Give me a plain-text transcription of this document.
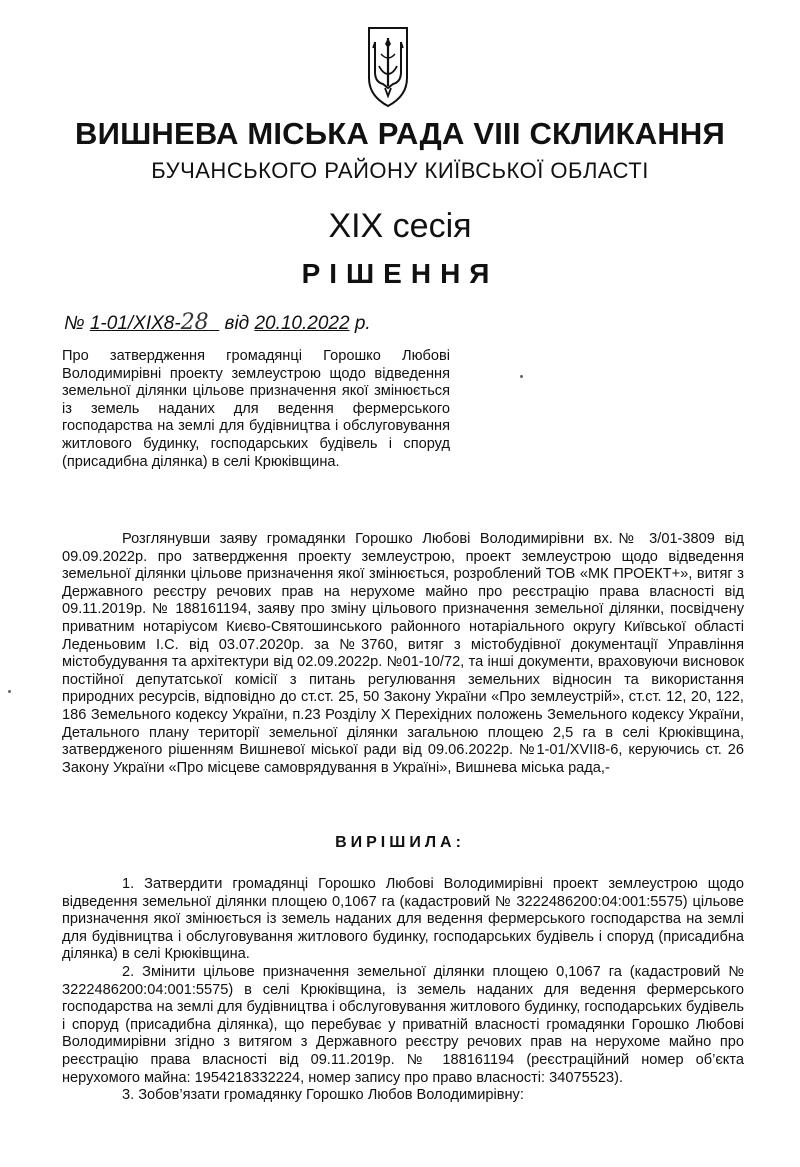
ВИШНЕВА МІСЬКА РАДА VIII СКЛИКАННЯ
БУЧАНСЬКОГО РАЙОНУ КИЇВСЬКОЇ ОБЛАСТІ
XIX сесія
РІШЕННЯ
№ 1-01/XIX8-28 від 20.10.2022 р.
Про затвердження громадянці Горошко Любові Володимирівні проекту землеустрою щодо відведення земельної ділянки цільове призначення якої змінюється із земель наданих для ведення фермерського господарства на землі для будівництва і обслуговування житлового будинку, господарських будівель і споруд (присадибна ділянка) в селі Крюківщина.

Розглянувши заяву громадянки Горошко Любові Володимирівни вх.№ 3/01-3809 від 09.09.2022р. про затвердження проекту землеустрою, проект землеустрою щодо відведення земельної ділянки цільове призначення якої змінюється, розроблений ТОВ «МК ПРОЕКТ+», витяг з Державного реєстру речових прав на нерухоме майно про реєстрацію права власності від 09.11.2019р. № 188161194, заяву про зміну цільового призначення земельної ділянки, посвідчену приватним нотаріусом Києво-Святошинського районного нотаріального округу Київської області Леденьовим І.С. від 03.07.2020р. за №3760, витяг з містобудівної документації Управління містобудування та архітектури від 02.09.2022р. №01-10/72, та інші документи, враховуючи висновок постійної депутатської комісії з питань регулювання земельних відносин та використання природних ресурсів, відповідно до ст.ст. 25, 50 Закону України «Про землеустрій», ст.ст. 12, 20, 122, 186 Земельного кодексу України, п.23 Розділу Х Перехідних положень Земельного кодексу України, Детального плану території земельної ділянки загальною площею 2,5 га в селі Крюківщина, затвердженого рішенням Вишневої міської ради від 09.06.2022р. №1-01/XVII8-6, керуючись ст. 26 Закону України «Про місцеве самоврядування в Україні», Вишнева міська рада,-

ВИРІШИЛА:

1. Затвердити громадянці Горошко Любові Володимирівні проект землеустрою щодо відведення земельної ділянки площею 0,1067 га (кадастровий № 3222486200:04:001:5575) цільове призначення якої змінюється із земель наданих для ведення фермерського господарства на землі для будівництва і обслуговування житлового будинку, господарських будівель і споруд (присадибна ділянка) в селі Крюківщина.

2. Змінити цільове призначення земельної ділянки площею 0,1067 га (кадастровий № 3222486200:04:001:5575) в селі Крюківщина, із земель наданих для ведення фермерського господарства на землі для будівництва і обслуговування житлового будинку, господарських будівель і споруд (присадибна ділянка), що перебуває у приватній власності громадянки Горошко Любові Володимирівни згідно з витягом з Державного реєстру речових прав на нерухоме майно про реєстрацію права власності від 09.11.2019р. № 188161194 (реєстраційний номер об’єкта нерухомого майна: 1954218332224, номер запису про право власності: 34075523).

3. Зобов’язати громадянку Горошко Любов Володимирівну:
